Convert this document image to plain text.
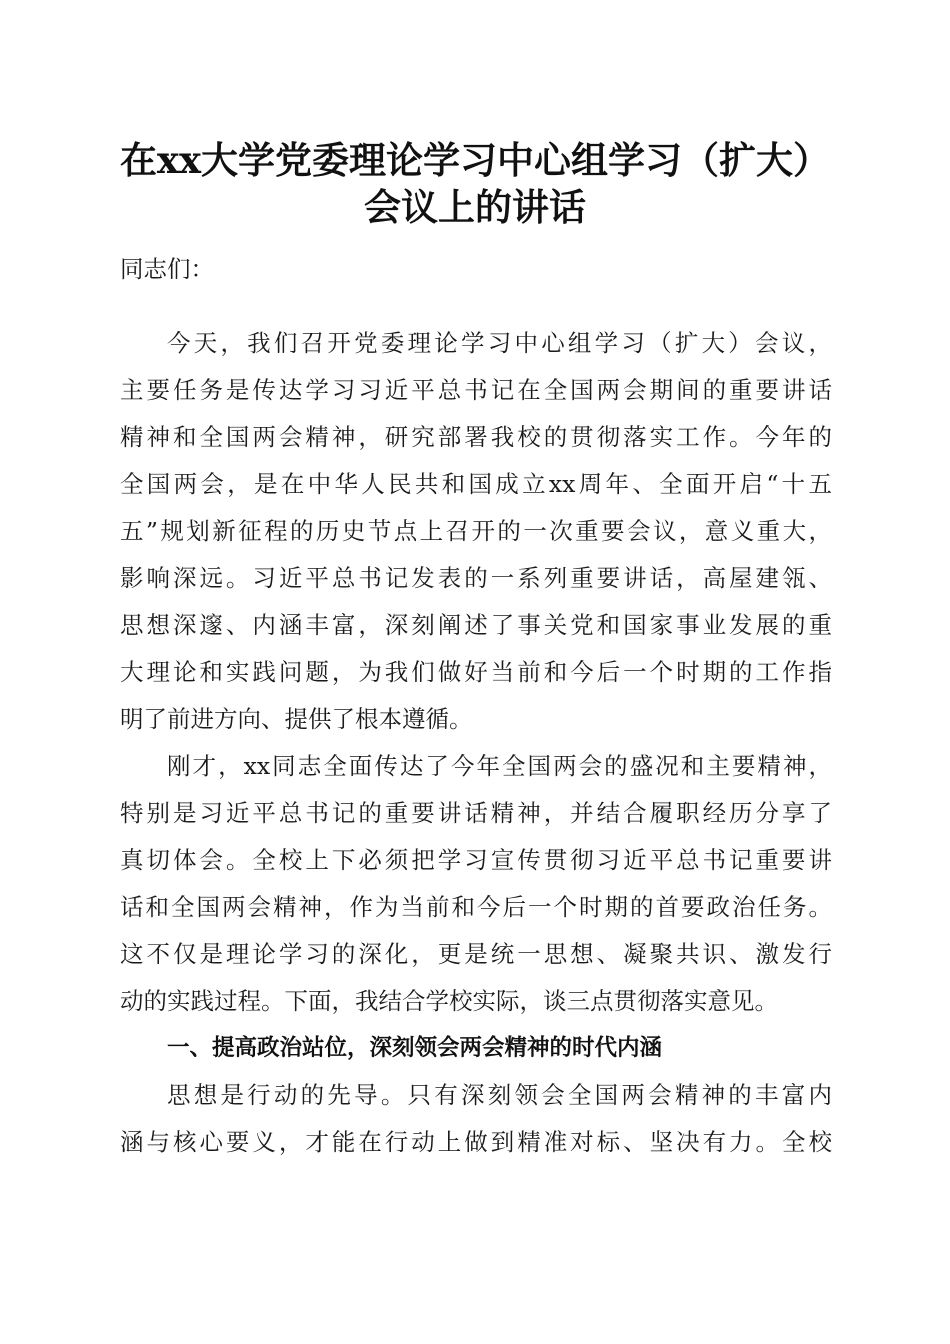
在xx大学党委理论学习中心组学习（扩大）
会议上的讲话

同志们：

今天，我们召开党委理论学习中心组学习（扩大）会议，

主要任务是传达学习习近平总书记在全国两会期间的重要讲话

精神和全国两会精神，研究部署我校的贯彻落实工作。今年的

全国两会，是在中华人民共和国成立xx周年、全面开启“十五

五”规划新征程的历史节点上召开的一次重要会议，意义重大，

影响深远。习近平总书记发表的一系列重要讲话，高屋建瓴、

思想深邃、内涵丰富，深刻阐述了事关党和国家事业发展的重

大理论和实践问题，为我们做好当前和今后一个时期的工作指

明了前进方向、提供了根本遵循。

刚才，xx同志全面传达了今年全国两会的盛况和主要精神，

特别是习近平总书记的重要讲话精神，并结合履职经历分享了

真切体会。全校上下必须把学习宣传贯彻习近平总书记重要讲

话和全国两会精神，作为当前和今后一个时期的首要政治任务。

这不仅是理论学习的深化，更是统一思想、凝聚共识、激发行

动的实践过程。下面，我结合学校实际，谈三点贯彻落实意见。

一、提高政治站位，深刻领会两会精神的时代内涵

思想是行动的先导。只有深刻领会全国两会精神的丰富内

涵与核心要义，才能在行动上做到精准对标、坚决有力。全校
